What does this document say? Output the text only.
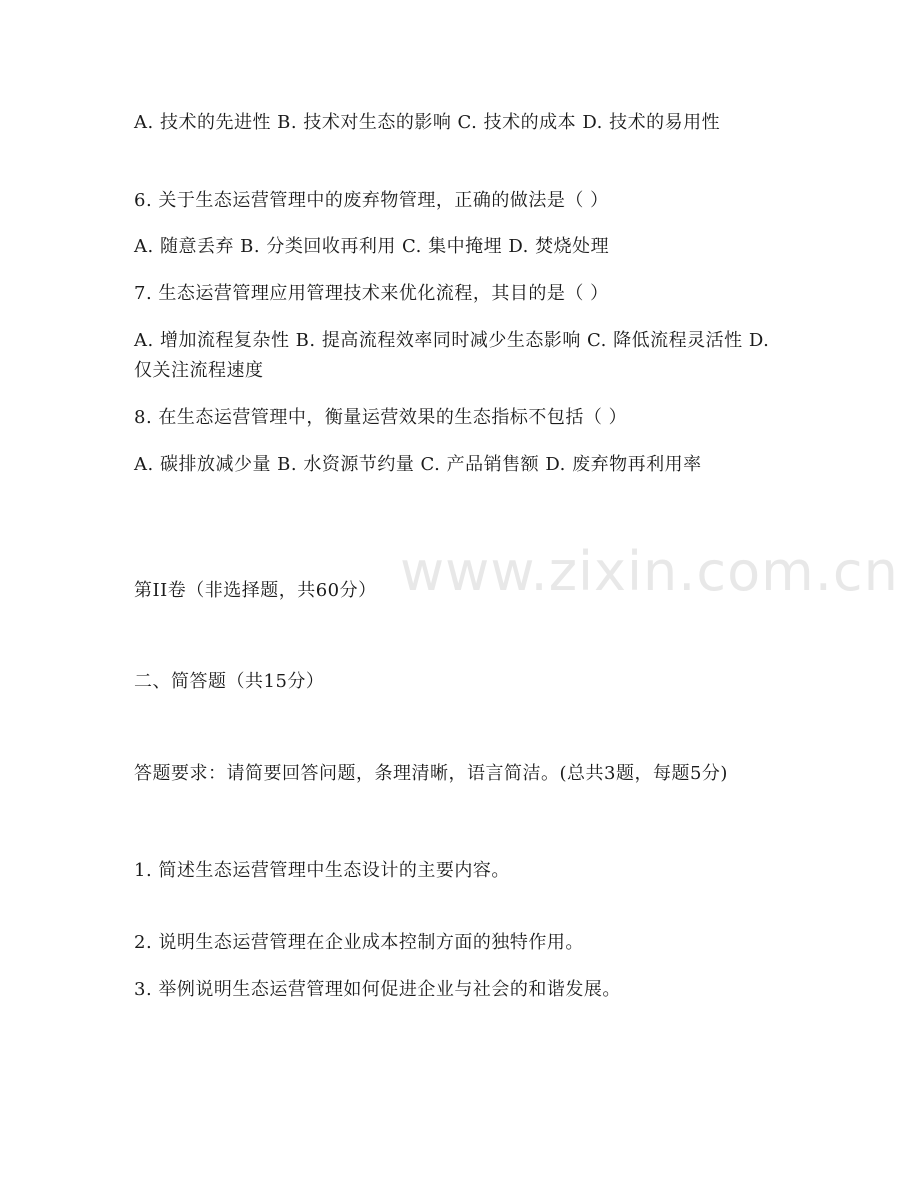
A. 技术的先进性 B. 技术对生态的影响 C. 技术的成本 D. 技术的易用性
6. 关于生态运营管理中的废弃物管理，正确的做法是（ ）
A. 随意丢弃 B. 分类回收再利用 C. 集中掩埋 D. 焚烧处理
7. 生态运营管理应用管理技术来优化流程，其目的是（ ）
A. 增加流程复杂性 B. 提高流程效率同时减少生态影响 C. 降低流程灵活性 D. 仅关注流程速度
8. 在生态运营管理中，衡量运营效果的生态指标不包括（ ）
A. 碳排放减少量 B. 水资源节约量 C. 产品销售额 D. 废弃物再利用率
第II卷（非选择题，共60分）
二、简答题（共15分）
答题要求：请简要回答问题，条理清晰，语言简洁。(总共3题，每题5分)
1. 简述生态运营管理中生态设计的主要内容。
2. 说明生态运营管理在企业成本控制方面的独特作用。
3. 举例说明生态运营管理如何促进企业与社会的和谐发展。
www.zixin.com.cn
